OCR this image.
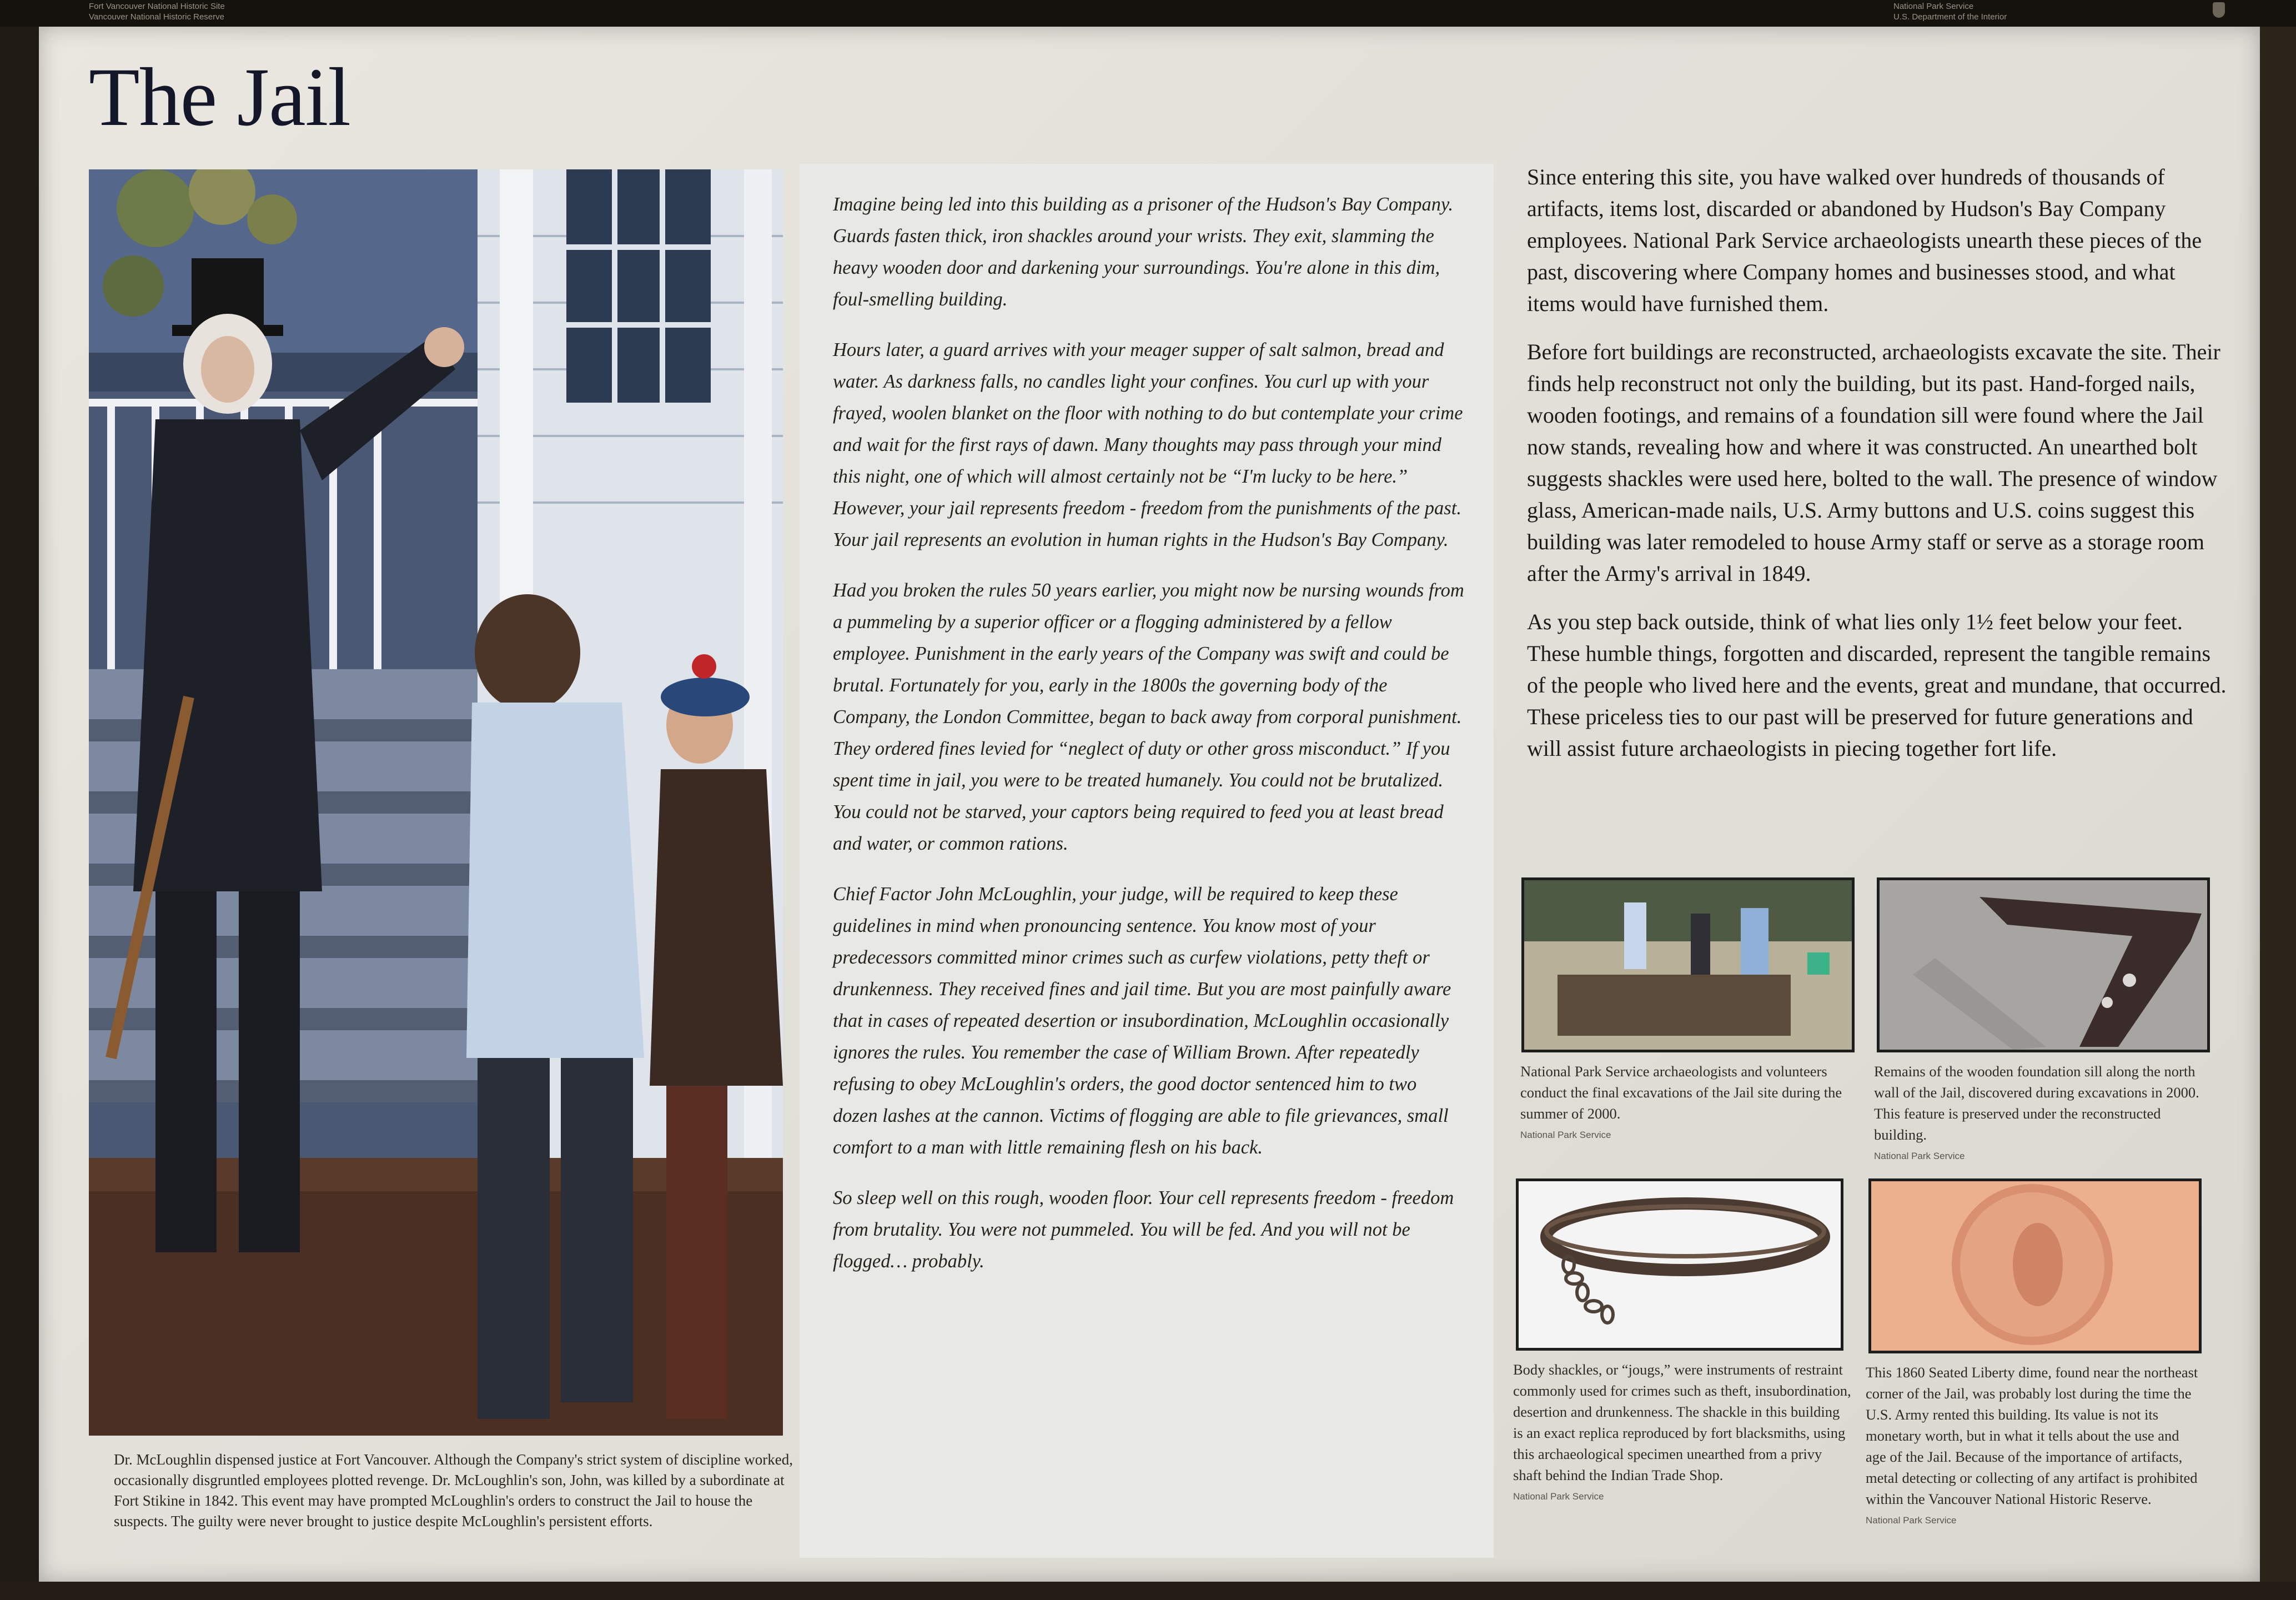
Fort Vancouver National Historic Site
Vancouver National Historic Reserve
National Park Service
U.S. Department of the Interior
The Jail
Dr. McLoughlin dispensed justice at Fort Vancouver. Although the Company's strict system of discipline worked, occasionally disgruntled employees plotted revenge. Dr. McLoughlin's son, John, was killed by a subordinate at Fort Stikine in 1842. This event may have prompted McLoughlin's orders to construct the Jail to house the suspects. The guilty were never brought to justice despite McLoughlin's persistent efforts.

Imagine being led into this building as a prisoner of the Hudson's Bay Company. Guards fasten thick, iron shackles around your wrists. They exit, slamming the heavy wooden door and darkening your surroundings. You're alone in this dim, foul-smelling building.

Hours later, a guard arrives with your meager supper of salt salmon, bread and water. As darkness falls, no candles light your confines. You curl up with your frayed, woolen blanket on the floor with nothing to do but contemplate your crime and wait for the first rays of dawn. Many thoughts may pass through your mind this night, one of which will almost certainly not be “I'm lucky to be here.” However, your jail represents freedom - freedom from the punishments of the past. Your jail represents an evolution in human rights in the Hudson's Bay Company.

Had you broken the rules 50 years earlier, you might now be nursing wounds from a pummeling by a superior officer or a flogging administered by a fellow employee. Punishment in the early years of the Company was swift and could be brutal. Fortunately for you, early in the 1800s the governing body of the Company, the London Committee, began to back away from corporal punishment. They ordered fines levied for “neglect of duty or other gross misconduct.” If you spent time in jail, you were to be treated humanely. You could not be brutalized. You could not be starved, your captors being required to feed you at least bread and water, or common rations.

Chief Factor John McLoughlin, your judge, will be required to keep these guidelines in mind when pronouncing sentence. You know most of your predecessors committed minor crimes such as curfew violations, petty theft or drunkenness. They received fines and jail time. But you are most painfully aware that in cases of repeated desertion or insubordination, McLoughlin occasionally ignores the rules. You remember the case of William Brown. After repeatedly refusing to obey McLoughlin's orders, the good doctor sentenced him to two dozen lashes at the cannon. Victims of flogging are able to file grievances, small comfort to a man with little remaining flesh on his back.

So sleep well on this rough, wooden floor. Your cell represents freedom - freedom from brutality. You were not pummeled. You will be fed. And you will not be flogged… probably.

Since entering this site, you have walked over hundreds of thousands of artifacts, items lost, discarded or abandoned by Hudson's Bay Company employees. National Park Service archaeologists unearth these pieces of the past, discovering where Company homes and businesses stood, and what items would have furnished them.

Before fort buildings are reconstructed, archaeologists excavate the site. Their finds help reconstruct not only the building, but its past. Hand-forged nails, wooden footings, and remains of a foundation sill were found where the Jail now stands, revealing how and where it was constructed. An unearthed bolt suggests shackles were used here, bolted to the wall. The presence of window glass, American-made nails, U.S. Army buttons and U.S. coins suggest this building was later remodeled to house Army staff or serve as a storage room after the Army's arrival in 1849.

As you step back outside, think of what lies only 1½ feet below your feet. These humble things, forgotten and discarded, represent the tangible remains of the people who lived here and the events, great and mundane, that occurred. These priceless ties to our past will be preserved for future generations and will assist future archaeologists in piecing together fort life.

National Park Service archaeologists and volunteers conduct the final excavations of the Jail site during the summer of 2000.
National Park Service
Remains of the wooden foundation sill along the north wall of the Jail, discovered during excavations in 2000. This feature is preserved under the reconstructed building.
National Park Service
Body shackles, or “jougs,” were instruments of restraint commonly used for crimes such as theft, insubordination, desertion and drunkenness. The shackle in this building is an exact replica reproduced by fort blacksmiths, using this archaeological specimen unearthed from a privy shaft behind the Indian Trade Shop.
National Park Service
This 1860 Seated Liberty dime, found near the northeast corner of the Jail, was probably lost during the time the U.S. Army rented this building. Its value is not its monetary worth, but in what it tells about the use and age of the Jail. Because of the importance of artifacts, metal detecting or collecting of any artifact is prohibited within the Vancouver National Historic Reserve.
National Park Service
